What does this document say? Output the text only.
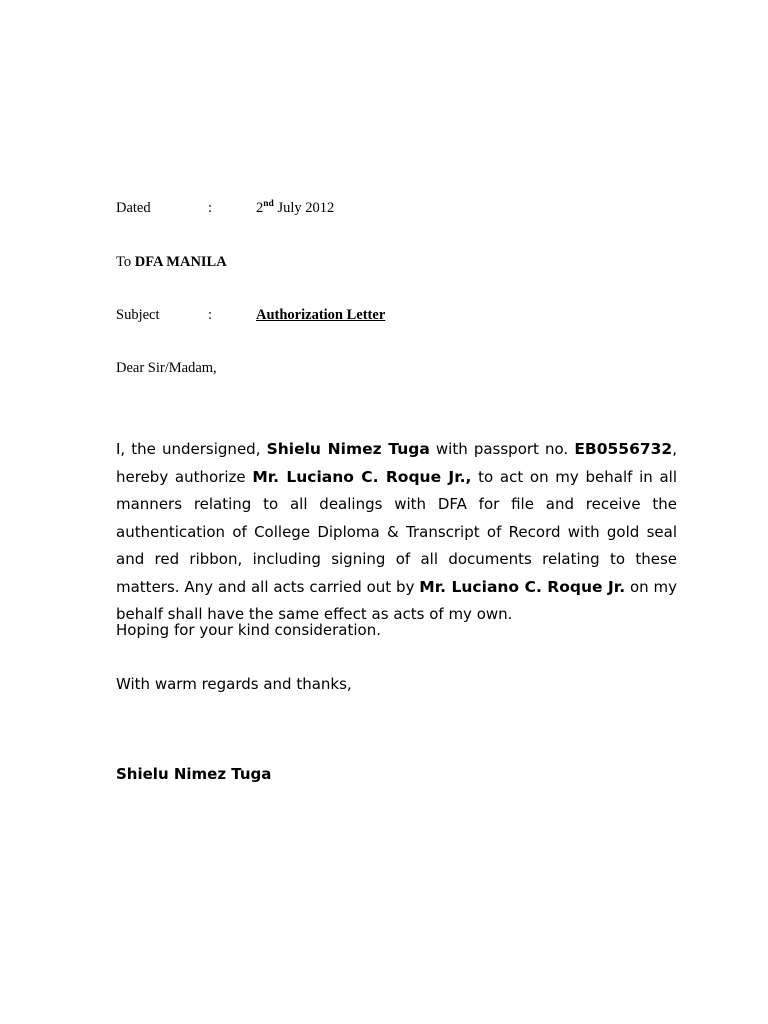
Dated	:	2nd July 2012
To DFA MANILA
Subject	:	Authorization Letter
Dear Sir/Madam,
I, the undersigned, Shielu Nimez Tuga with passport no. EB0556732, hereby authorize Mr. Luciano C. Roque Jr., to act on my behalf in all manners relating to all dealings with DFA for file and receive the authentication of College Diploma & Transcript of Record with gold seal and red ribbon, including signing of all documents relating to these matters. Any and all acts carried out by Mr. Luciano C. Roque Jr. on my behalf shall have the same effect as acts of my own.
Hoping for your kind consideration.
With warm regards and thanks,
Shielu Nimez Tuga
